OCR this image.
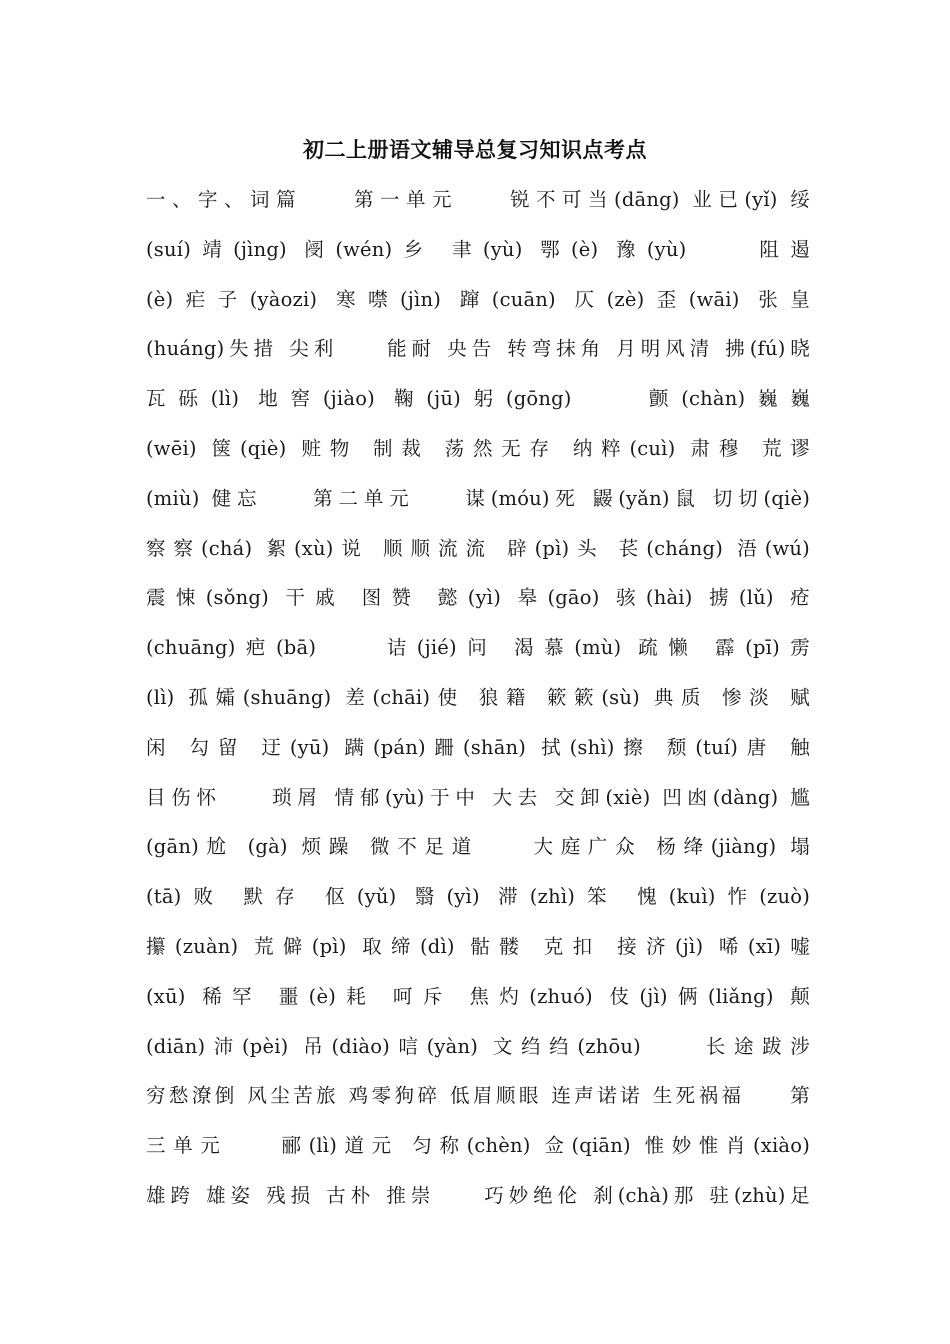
初二上册语文辅导总复习知识点考点
一、字、词篇　　第一单元　　锐不可当(dāng) 业已(yǐ) 绥
(suí)靖(jìng) 阌(wén)乡 聿(yù) 鄂(è) 豫(yù)　　阻遏
(è)疟子(yàozi) 寒噤(jìn) 蹿(cuān) 仄(zè)歪(wāi) 张皇
(huáng)失措 尖利　　能耐 央告 转弯抹角 月明风清 拂(fú)晓
瓦砾(lì) 地窖(jiào) 鞠(jū)躬(gōng)　　颤(chàn)巍巍
(wēi) 箧(qiè) 赃物 制裁 荡然无存 纳粹(cuì) 肃穆 荒谬
(miù) 健忘　　第二单元　　谋(móu)死 鼹(yǎn)鼠 切切(qiè)
察察(chá) 絮(xù)说 顺顺流流 辟(pì)头 苌(cháng) 浯(wú)
震悚(sǒng) 干戚 图赞 懿(yì) 皋(gāo) 骇(hài) 掳(lǔ) 疮
(chuāng)疤(bā)　　诘(jié)问 渴慕(mù) 疏懒 霹(pī)雳
(lì) 孤孀(shuāng) 差(chāi)使 狼籍 簌簌(sù) 典质 惨淡 赋
闲 勾留 迂(yū) 蹒(pán)跚(shān) 拭(shì)擦 颓(tuí)唐 触
目伤怀　　琐屑 情郁(yù)于中 大去 交卸(xiè) 凹凼(dàng) 尴
(gān)尬 (gà) 烦躁 微不足道　　大庭广众 杨绛(jiàng) 塌
(tā)败 默存 伛(yǔ) 翳(yì) 滞(zhì)笨 愧(kuì)怍(zuò)
攥(zuàn) 荒僻(pì) 取缔(dì) 骷髅 克扣 接济(jì) 唏(xī)嘘
(xū) 稀罕 噩(è)耗 呵斥 焦灼(zhuó) 伎(jì)俩(liǎng) 颠
(diān)沛(pèi) 吊(diào)唁(yàn) 文绉绉(zhōu)　　长途跋涉
穷愁潦倒 风尘苦旅 鸡零狗碎 低眉顺眼 连声诺诺 生死祸福　　第
三单元　　郦(lì)道元 匀称(chèn) 佥(qiān) 惟妙惟肖(xiào)
雄跨 雄姿 残损 古朴 推崇　　巧妙绝伦 刹(chà)那 驻(zhù)足
